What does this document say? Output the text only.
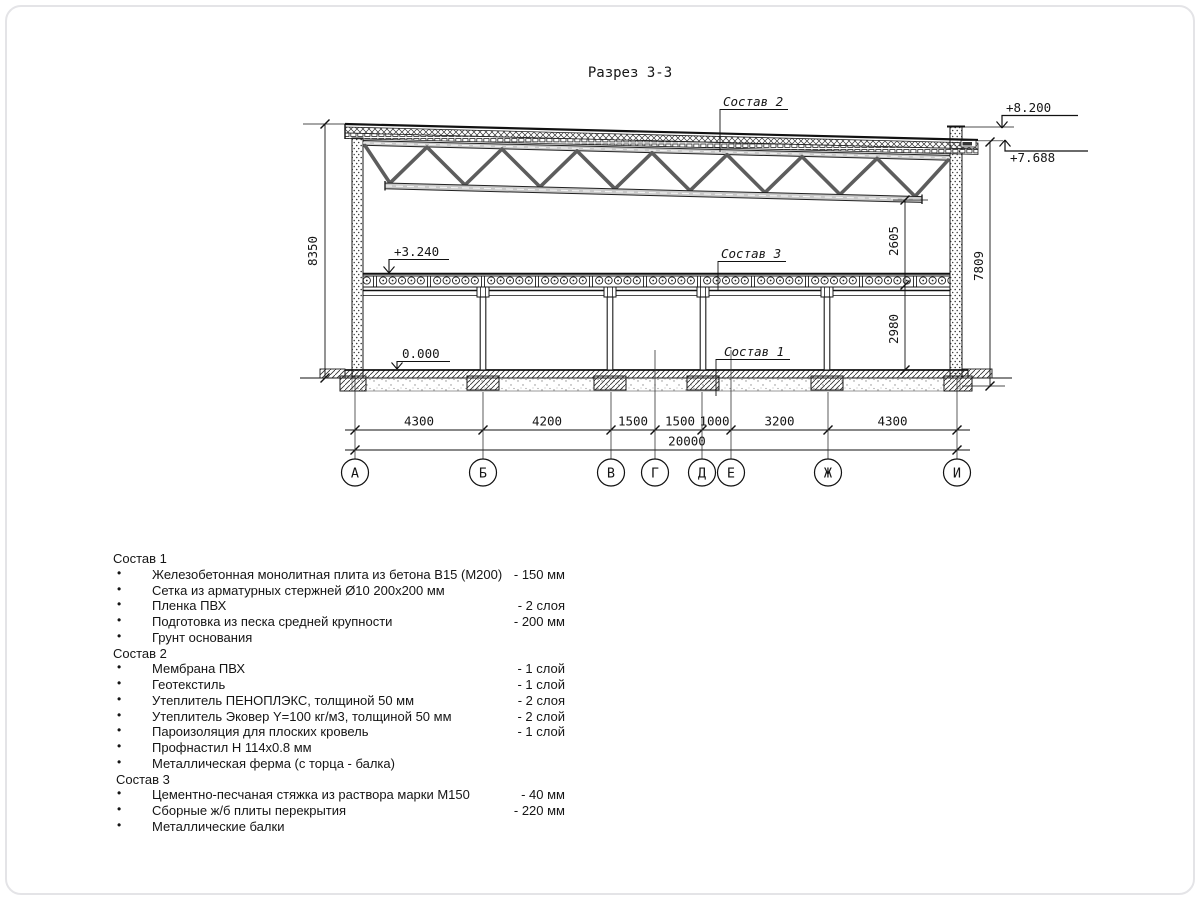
8350	7809
2605
2980
20000
4300	4200	1500 1500 1000	3200	4300
А	Б	В	Г	Д Е	Ж	И
+8.200
+7.688
+3.240
0.000
Состав 2
Состав 3
Состав 1
Разрез 3-3
Состав 1
• Железобетонная монолитная плита из бетона В15 (М200) - 150 мм
• Сетка из арматурных стержней Ø10 200x200 мм
• Пленка ПВХ	- 2 слоя
• Подготовка из песка средней крупности	- 200 мм
• Грунт основания
Состав 2
• Мембрана ПВХ	- 1 слой
• Геотекстиль	- 1 слой
• Утеплитель ПЕНОПЛЭКС, толщиной 50 мм	- 2 слоя
• Утеплитель Эковер Y=100 кг/м3, толщиной 50 мм	- 2 слой
• Пароизоляция для плоских кровель	- 1 слой
• Профнастил Н 114х0.8 мм
• Металлическая ферма (с торца - балка)
Состав 3
• Цементно-песчаная стяжка из раствора марки М150	- 40 мм
• Сборные ж/б плиты перекрытия	- 220 мм
• Металлические балки
